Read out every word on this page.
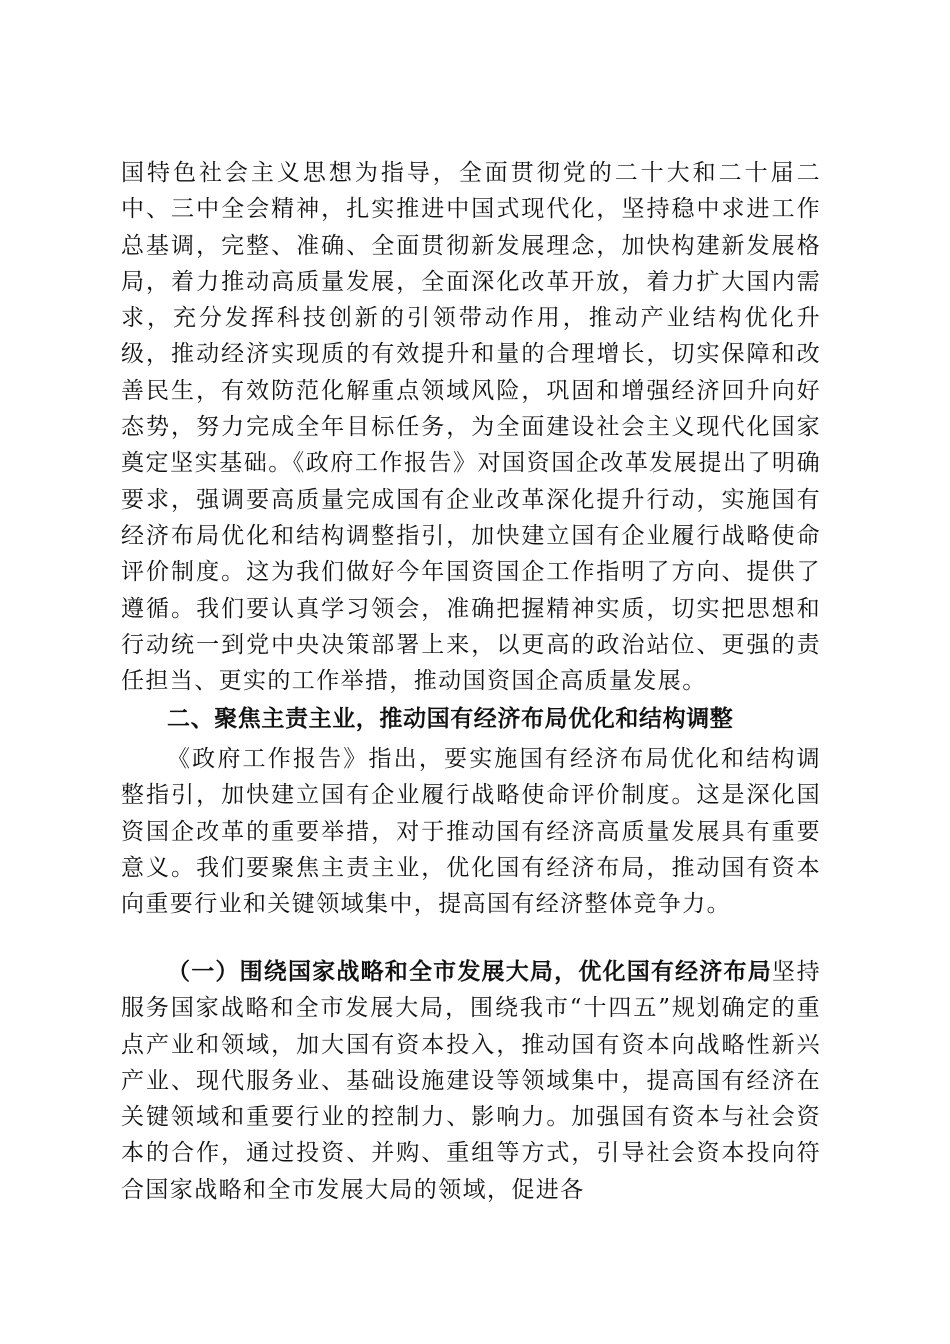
国特色社会主义思想为指导，全面贯彻党的二十大和二十届二中、三中全会精神，扎实推进中国式现代化，坚持稳中求进工作总基调，完整、准确、全面贯彻新发展理念，加快构建新发展格局，着力推动高质量发展，全面深化改革开放，着力扩大国内需求，充分发挥科技创新的引领带动作用，推动产业结构优化升级，推动经济实现质的有效提升和量的合理增长，切实保障和改善民生，有效防范化解重点领域风险，巩固和增强经济回升向好态势，努力完成全年目标任务，为全面建设社会主义现代化国家奠定坚实基础。《政府工作报告》对国资国企改革发展提出了明确要求，强调要高质量完成国有企业改革深化提升行动，实施国有经济布局优化和结构调整指引，加快建立国有企业履行战略使命评价制度。这为我们做好今年国资国企工作指明了方向、提供了遵循。我们要认真学习领会，准确把握精神实质，切实把思想和行动统一到党中央决策部署上来，以更高的政治站位、更强的责任担当、更实的工作举措，推动国资国企高质量发展。

二、聚焦主责主业，推动国有经济布局优化和结构调整

《政府工作报告》指出，要实施国有经济布局优化和结构调整指引，加快建立国有企业履行战略使命评价制度。这是深化国资国企改革的重要举措，对于推动国有经济高质量发展具有重要意义。我们要聚焦主责主业，优化国有经济布局，推动国有资本向重要行业和关键领域集中，提高国有经济整体竞争力。

（一）围绕国家战略和全市发展大局，优化国有经济布局坚持服务国家战略和全市发展大局，围绕我市“十四五”规划确定的重点产业和领域，加大国有资本投入，推动国有资本向战略性新兴产业、现代服务业、基础设施建设等领域集中，提高国有经济在关键领域和重要行业的控制力、影响力。加强国有资本与社会资本的合作，通过投资、并购、重组等方式，引导社会资本投向符合国家战略和全市发展大局的领域，促进各
